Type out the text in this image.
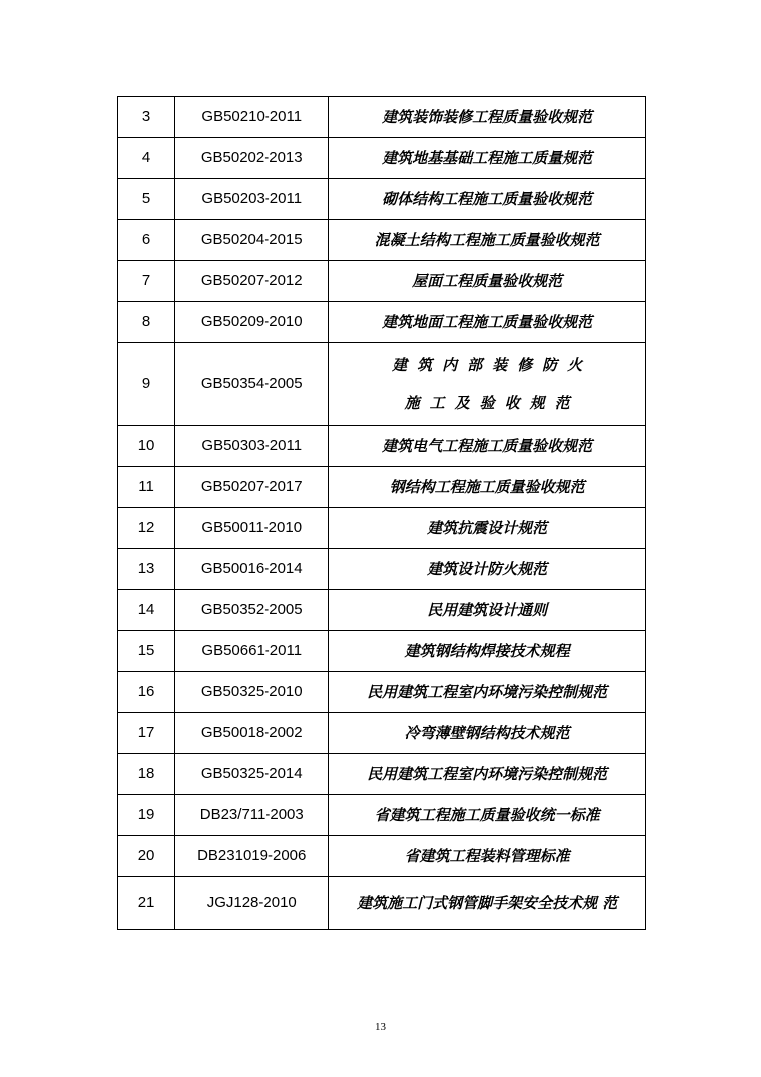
3	GB50210-2011	建筑装饰装修工程质量验收规范
4	GB50202-2013	建筑地基基础工程施工质量规范
5	GB50203-2011	砌体结构工程施工质量验收规范
6	GB50204-2015	混凝土结构工程施工质量验收规范
7	GB50207-2012	屋面工程质量验收规范
8	GB50209-2010	建筑地面工程施工质量验收规范
9	GB50354-2005	建筑内部装修防火
施工及验收规范

10	GB50303-2011	建筑电气工程施工质量验收规范
11	GB50207-2017	钢结构工程施工质量验收规范
12	GB50011-2010	建筑抗震设计规范
13	GB50016-2014	建筑设计防火规范
14	GB50352-2005	民用建筑设计通则
15	GB50661-2011	建筑钢结构焊接技术规程
16	GB50325-2010	民用建筑工程室内环境污染控制规范
17	GB50018-2002	冷弯薄壁钢结构技术规范
18	GB50325-2014	民用建筑工程室内环境污染控制规范
19	DB23/711-2003	省建筑工程施工质量验收统一标准
20	DB231019-2006	省建筑工程装料管理标准
21	JGJ128-2010	建筑施工门式钢管脚手架安全技术规 范
13
